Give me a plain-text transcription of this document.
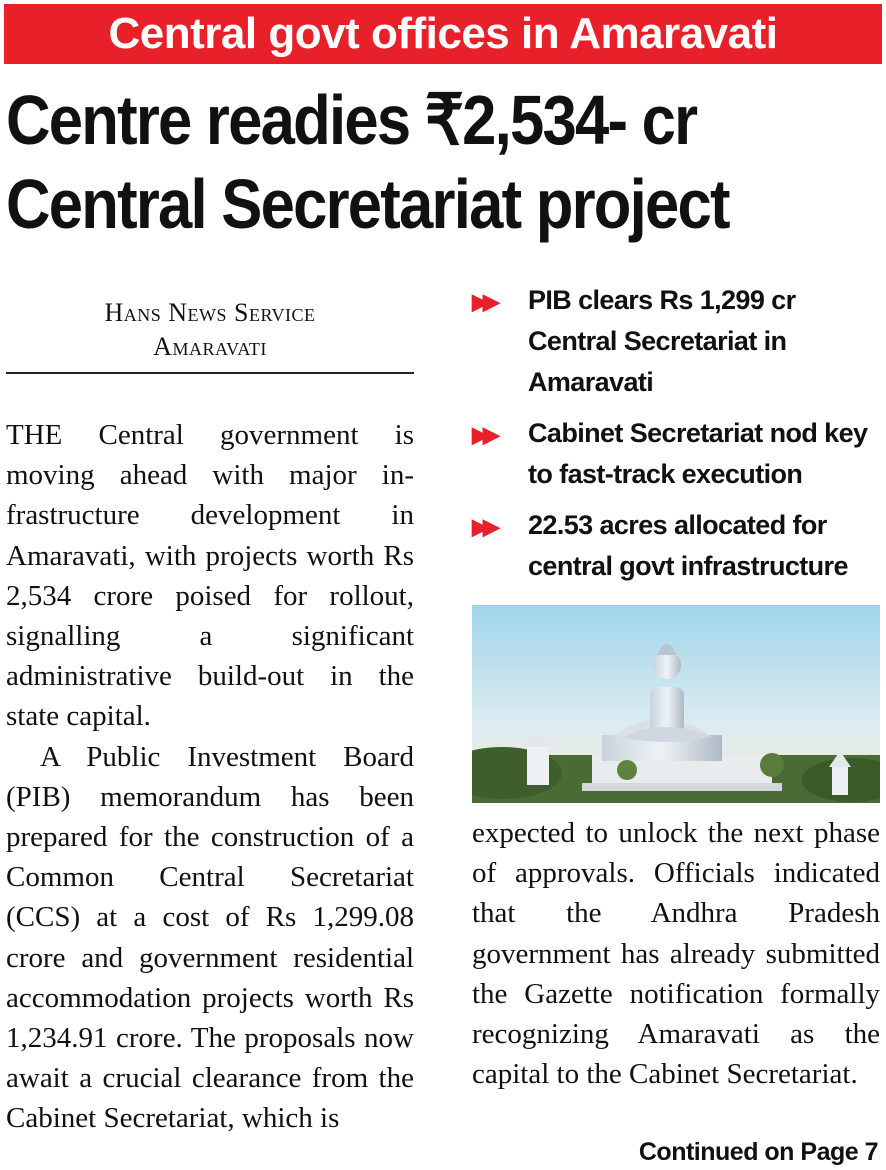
Central govt offices in Amaravati
Centre readies ₹2,534- cr
Central Secretariat project
Hans News Service
Amaravati
▶▶	PIB clears Rs 1,299 cr Central Secretariat in Amaravati
▶▶	Cabinet Secretariat nod key to fast-track execution
▶▶	22.53 acres allocated for central govt infrastructure

THE Central government is moving ahead with major infrastructure development in Amaravati, with projects worth Rs 2,534 crore poised for rollout, signalling a significant administrative build-out in the state capital.

A Public Investment Board (PIB) memorandum has been prepared for the construction of a Common Central Secretariat (CCS) at a cost of Rs 1,299.08 crore and government residential accommodation projects worth Rs 1,234.91 crore. The proposals now await a crucial clearance from the Cabinet Secretariat, which is

expected to unlock the next phase of approvals. Officials indicated that the Andhra Pradesh government has already submitted the Gazette notification formally recognizing Amaravati as the capital to the Cabinet Secretariat.

Continued on Page 7
